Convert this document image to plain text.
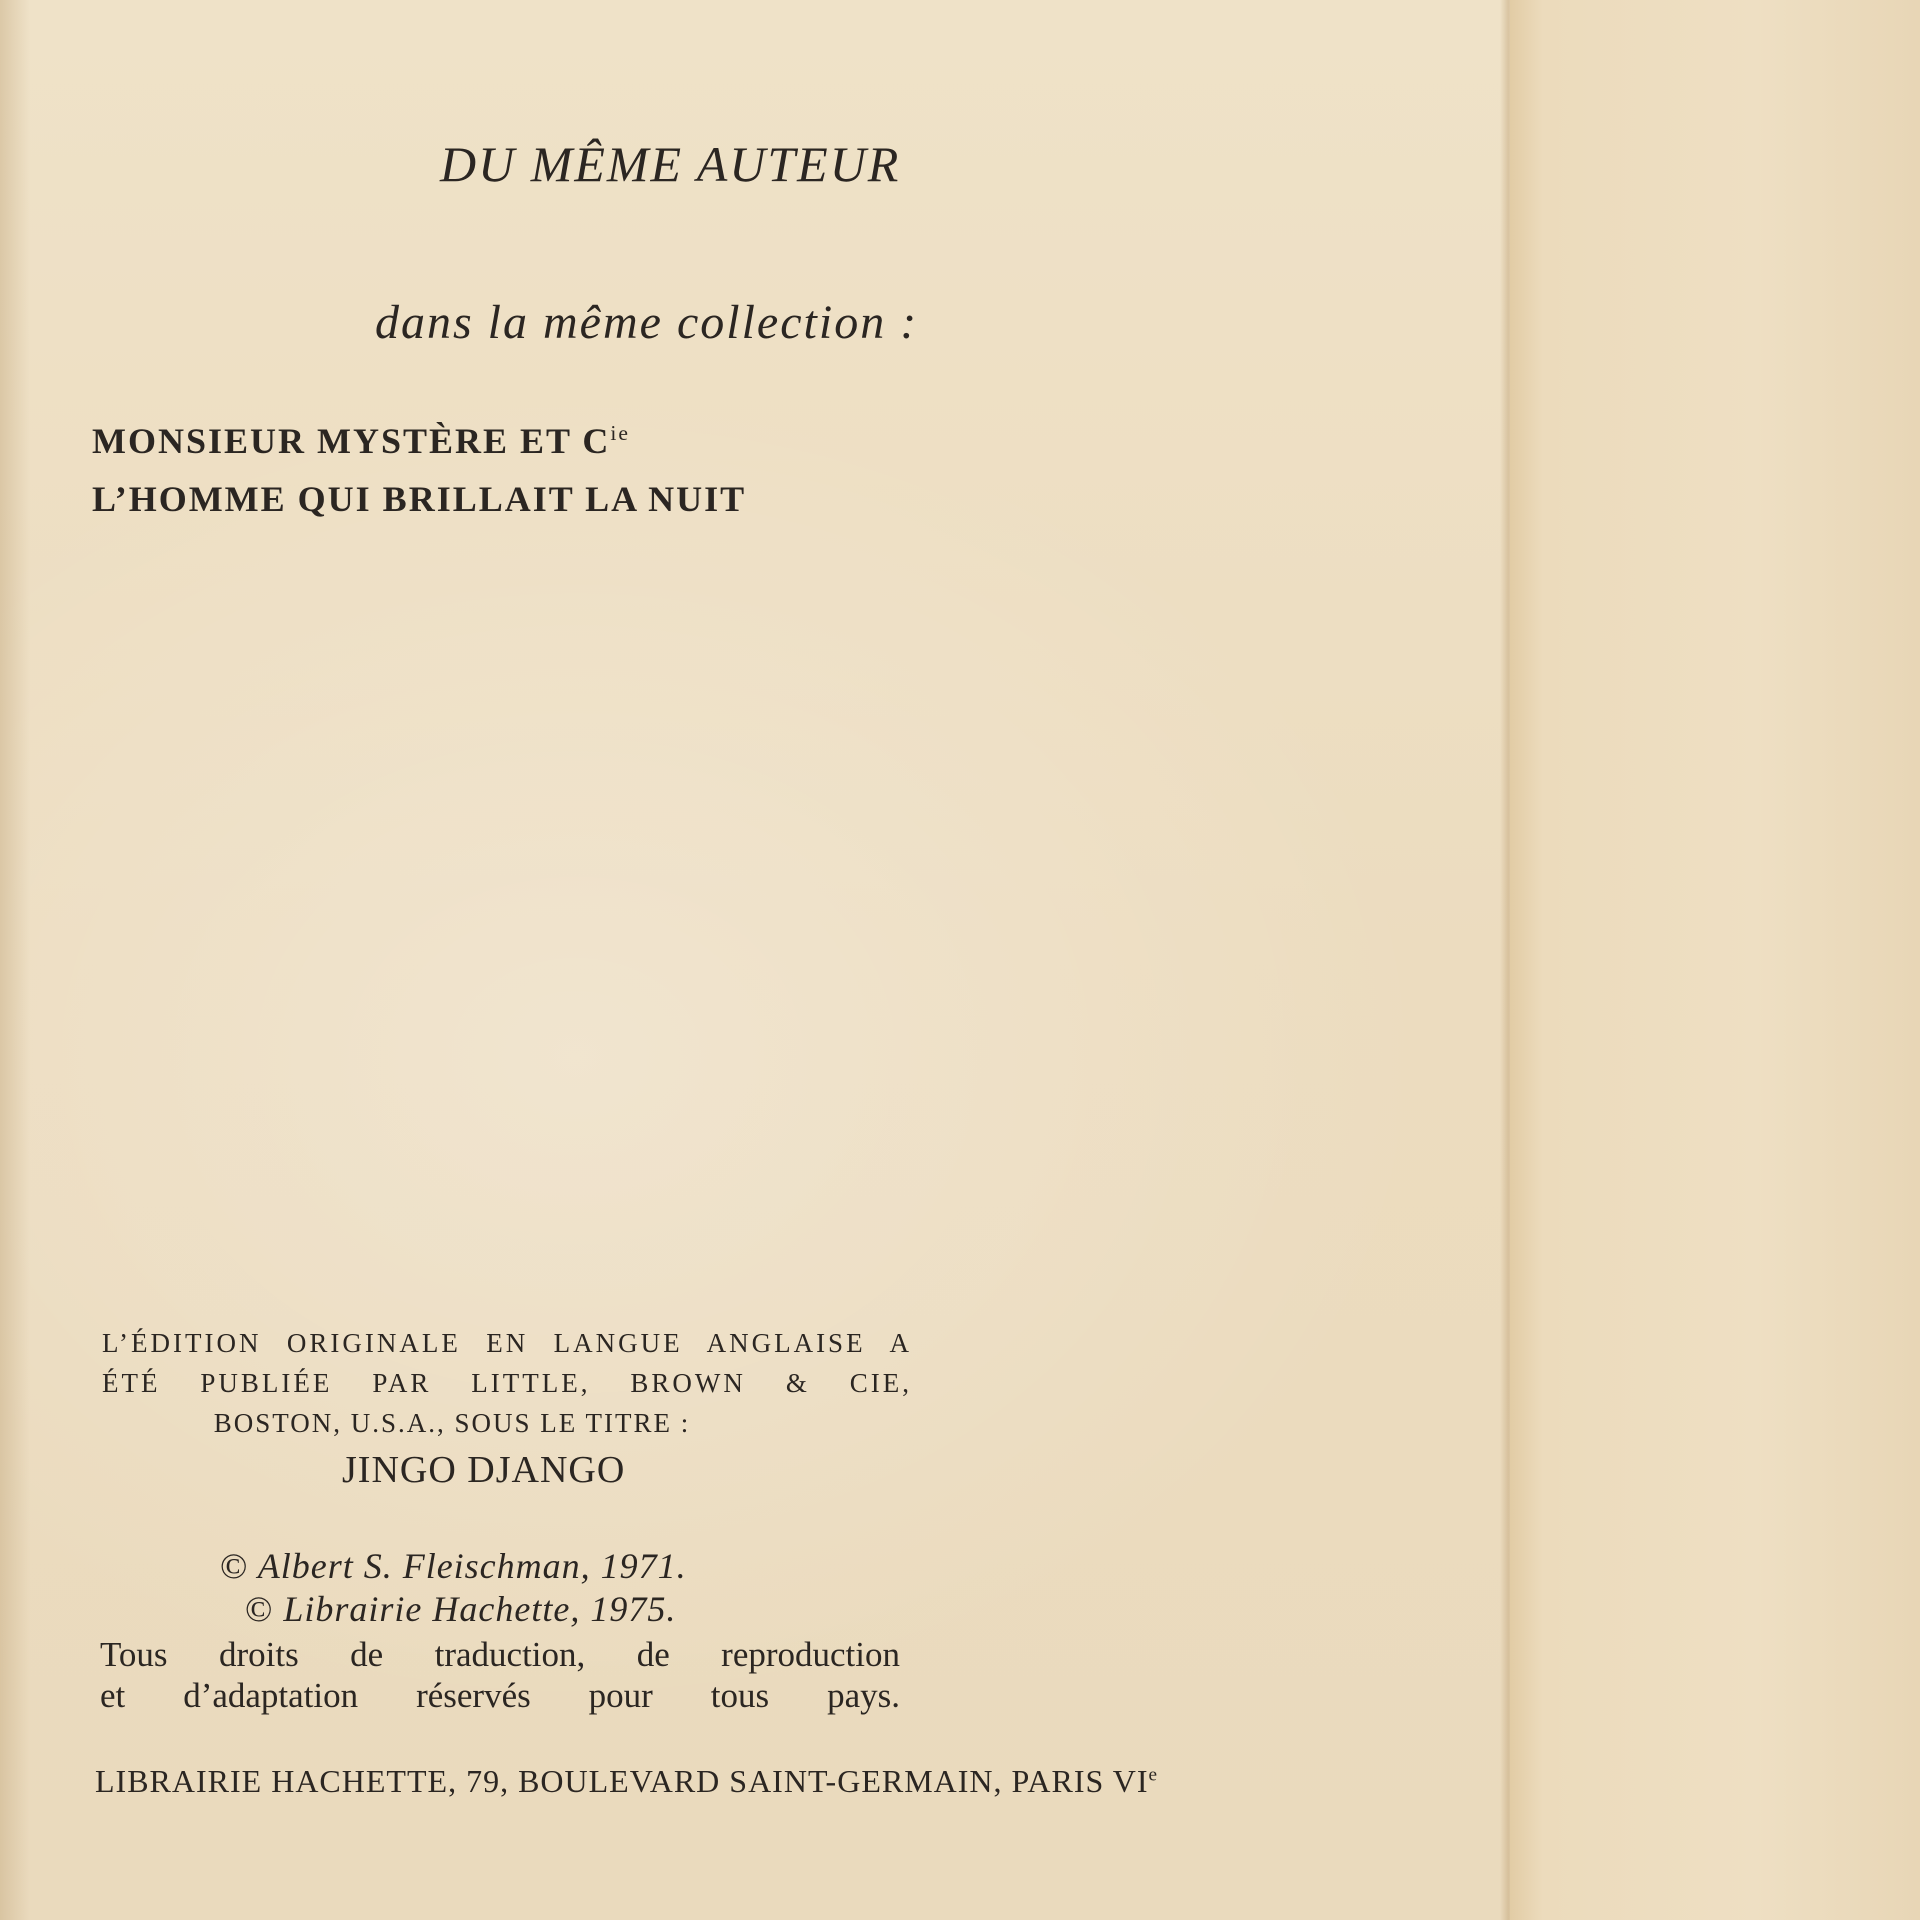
DU MÊME AUTEUR

dans la même collection :

MONSIEUR MYSTÈRE ET $C^{ie}$

L’HOMME QUI BRILLAIT LA NUIT

L’ÉDITION ORIGINALE EN LANGUE ANGLAISE A

ÉTÉ PUBLIÉE PAR LITTLE, BROWN & CIE,

BOSTON, U.S.A., SOUS LE TITRE :

JINGO DJANGO

© Albert S. Fleischman, 1971.

© Librairie Hachette, 1975.

Tous droits de traduction, de reproduction

et d’adaptation réservés pour tous pays.

LIBRAIRIE HACHETTE, 79, BOULEVARD SAINT-GERMAIN, PARIS VIe
